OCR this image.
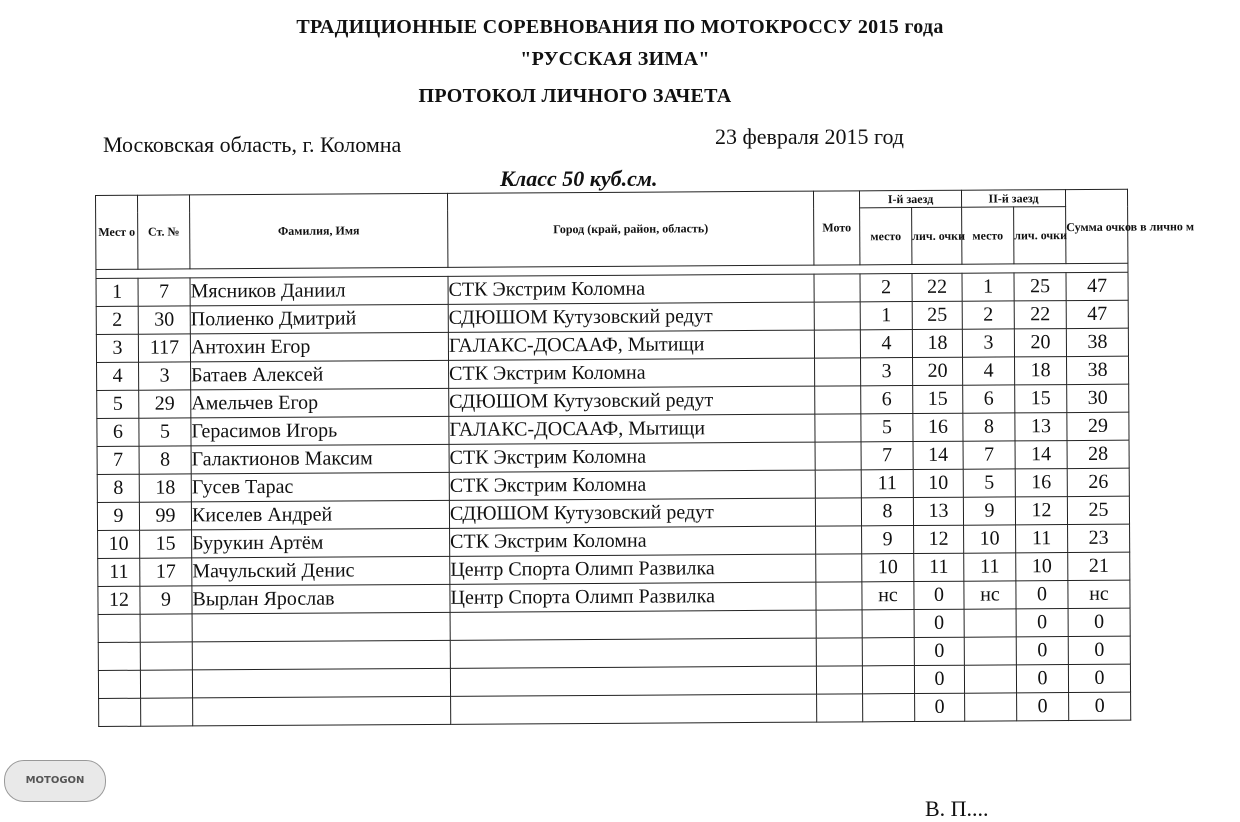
ТРАДИЦИОННЫЕ СОРЕВНОВАНИЯ ПО МОТОКРОССУ 2015 года
"РУССКАЯ ЗИМА"
ПРОТОКОЛ ЛИЧНОГО ЗАЧЕТА
Московская область, г. Коломна	23 февраля 2015 год
Класс 50 куб.см.
Мест о	Ст. №	Фамилия, Имя	Город (край, район, область)	Мото	I-й заезд		II-й заезд		Сумма очков в лично м
					место	лич. очки	место	лич. очки	

1	7	Мясников Даниил	СТК Экстрим Коломна		2	22	1	25	47
2	30	Полиенко Дмитрий	СДЮШОМ Кутузовский редут		1	25	2	22	47
3	117	Антохин Егор	ГАЛАКС-ДОСААФ, Мытищи		4	18	3	20	38
4	3	Батаев Алексей	СТК Экстрим Коломна		3	20	4	18	38
5	29	Амельчев Егор	СДЮШОМ Кутузовский редут		6	15	6	15	30
6	5	Герасимов Игорь	ГАЛАКС-ДОСААФ, Мытищи		5	16	8	13	29
7	8	Галактионов Максим	СТК Экстрим Коломна		7	14	7	14	28
8	18	Гусев Тарас	СТК Экстрим Коломна		11	10	5	16	26
9	99	Киселев Андрей	СДЮШОМ Кутузовский редут		8	13	9	12	25
10	15	Бурукин Артём	СТК Экстрим Коломна		9	12	10	11	23
11	17	Мачульский Денис	Центр Спорта Олимп Развилка		10	11	11	10	21
12	9	Вырлан Ярослав	Центр Спорта Олимп Развилка		нс	0	нс	0	нс
						0		0	0
						0		0	0
						0		0	0
						0		0	0
MOTOGON
В. П....
